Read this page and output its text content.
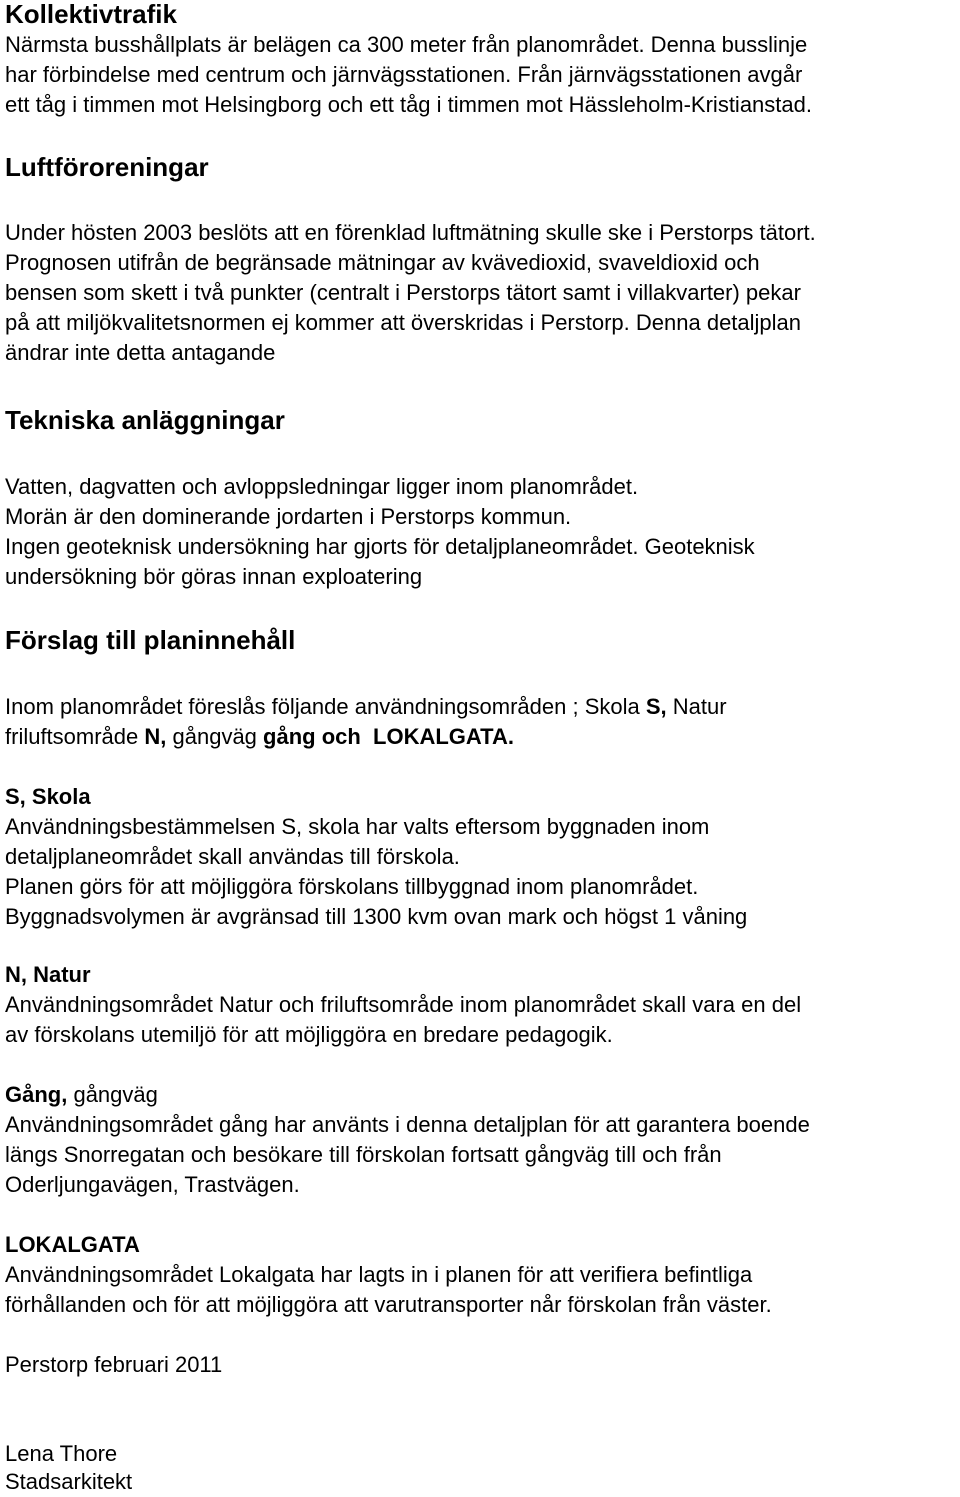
Kollektivtrafik

Närmsta busshållplats är belägen ca 300 meter från planområdet. Denna busslinje

har förbindelse med centrum och järnvägsstationen. Från järnvägsstationen avgår

ett tåg i timmen mot Helsingborg och ett tåg i timmen mot Hässleholm-Kristianstad.

Luftföroreningar

Under hösten 2003 beslöts att en förenklad luftmätning skulle ske i Perstorps tätort.

Prognosen utifrån de begränsade mätningar av kvävedioxid, svaveldioxid och

bensen som skett i två punkter (centralt i Perstorps tätort samt i villakvarter) pekar

på att miljökvalitetsnormen ej kommer att överskridas i Perstorp. Denna detaljplan

ändrar inte detta antagande

Tekniska anläggningar

Vatten, dagvatten och avloppsledningar ligger inom planområdet.

Morän är den dominerande jordarten i Perstorps kommun.

Ingen geoteknisk undersökning har gjorts för detaljplaneområdet. Geoteknisk

undersökning bör göras innan exploatering

Förslag till planinnehåll

Inom planområdet föreslås följande användningsområden ; Skola S, Natur

friluftsområde N, gångväg gång och  LOKALGATA.

S, Skola

Användningsbestämmelsen S, skola har valts eftersom byggnaden inom

detaljplaneområdet skall användas till förskola.

Planen görs för att möjliggöra förskolans tillbyggnad inom planområdet.

Byggnadsvolymen är avgränsad till 1300 kvm ovan mark och högst 1 våning

N, Natur

Användningsområdet Natur och friluftsområde inom planområdet skall vara en del

av förskolans utemiljö för att möjliggöra en bredare pedagogik.

Gång, gångväg

Användningsområdet gång har använts i denna detaljplan för att garantera boende

längs Snorregatan och besökare till förskolan fortsatt gångväg till och från

Oderljungavägen, Trastvägen.

LOKALGATA

Användningsområdet Lokalgata har lagts in i planen för att verifiera befintliga

förhållanden och för att möjliggöra att varutransporter når förskolan från väster.

Perstorp februari 2011

Lena Thore

Stadsarkitekt
